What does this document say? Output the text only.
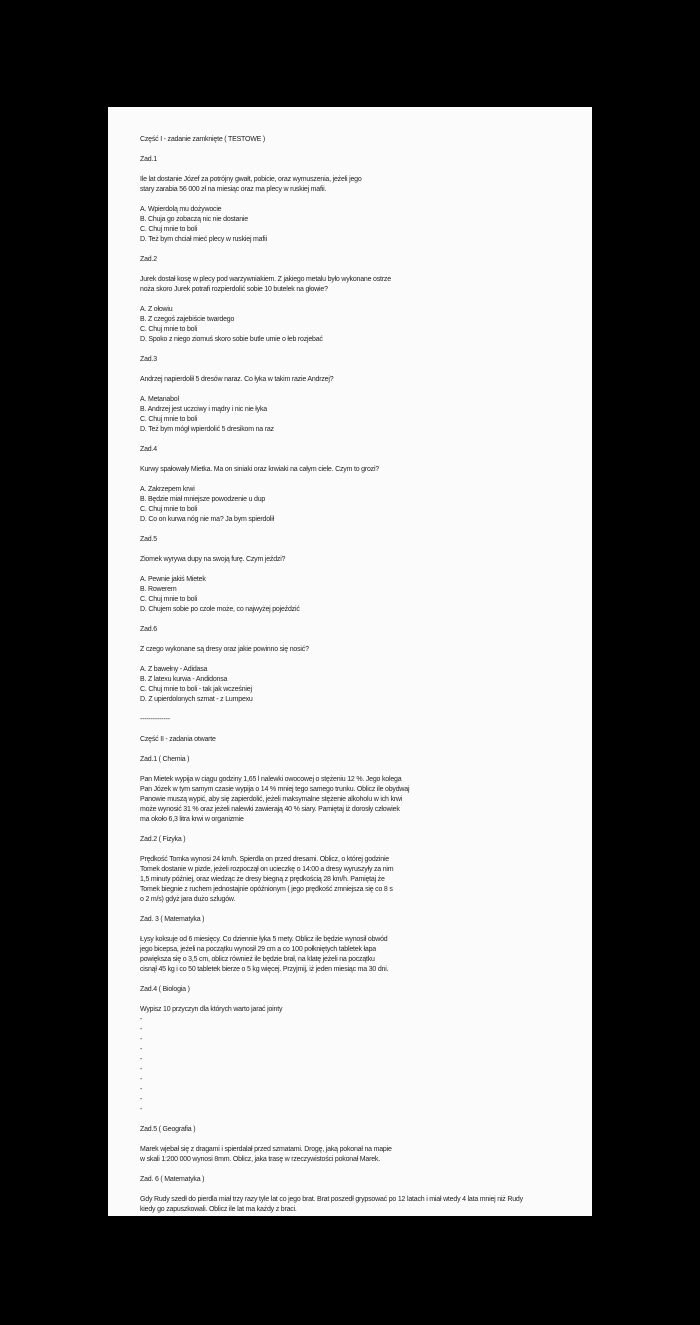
Część I - zadanie zamknięte ( TESTOWE )
Zad.1
Ile lat dostanie Józef za potrójny gwałt, pobicie, oraz wymuszenia, jeżeli jego
stary zarabia 56 000 zł na miesiąc oraz ma plecy w ruskiej mafii.
A. Wpierdolą mu dożywocie
B. Chuja go zobaczą nic nie dostanie
C. Chuj mnie to boli
D. Też bym chciał mieć plecy w ruskiej mafii
Zad.2
Jurek dostał kosę w plecy pod warzywniakiem. Z jakiego metalu było wykonane ostrze
noża skoro Jurek potrafi rozpierdolić sobie 10 butelek na głowie?
A. Z ołowiu
B. Z czegoś zajebiście twardego
C. Chuj mnie to boli
D. Spoko z niego ziomuś skoro sobie butle umie o łeb rozjebać
Zad.3
Andrzej napierdolił 5 dresów naraz. Co łyka w takim razie Andrzej?
A. Metanabol
B. Andrzej jest uczciwy i mądry i nic nie łyka
C. Chuj mnie to boli
D. Też bym mógł wpierdolić 5 dresikom na raz
Zad.4
Kurwy spałowały Mietka. Ma on siniaki oraz krwiaki na całym ciele. Czym to grozi?
A. Zakrzepem krwi
B. Będzie miał mniejsze powodzenie u dup
C. Chuj mnie to boli
D. Co on kurwa nóg nie ma? Ja bym spierdolił
Zad.5
Ziomek wyrywa dupy na swoją furę. Czym jeździ?
A. Pewnie jakiś Mietek
B. Rowerem
C. Chuj mnie to boli
D. Chujem sobie po czole może, co najwyżej pojeździć
Zad.6
Z czego wykonane są dresy oraz jakie powinno się nosić?
A. Z bawełny - Adidasa
B. Z latexu kurwa - Andidonsa
C. Chuj mnie to boli - tak jak wcześniej
D. Z upierdolonych szmat - z Lumpexu
--------------
Część II - zadania otwarte
Zad.1 ( Chemia )
Pan Mietek wypija w ciągu godziny 1,65 l nalewki owocowej o stężeniu 12 %. Jego kolega
Pan Józek w tym samym czasie wypija o 14 % mniej tego samego trunku. Oblicz ile obydwaj
Panowie muszą wypić, aby się zapierdolić, jeżeli maksymalne stężenie alkoholu w ich krwi
może wynosić 31 % oraz jeżeli nalewki zawierają 40 % siary. Pamiętaj iż dorosły człowiek
ma około 6,3 litra krwi w organizmie
Zad.2 ( Fizyka )
Prędkość Tomka wynosi 24 km/h. Spierdla on przed dresami. Oblicz, o której godzinie
Tomek dostanie w pizde, jeżeli rozpoczął on ucieczkę o 14:00 a dresy wyruszyły za nim
1,5 minuty później, oraz wiedząc że dresy biegną z prędkością 28 km/h. Pamiętaj że
Tomek biegnie z ruchem jednostajnie opóźnionym ( jego prędkość zmniejsza się co 8 s
o 2 m/s) gdyż jara dużo szlugów.
Zad. 3 ( Matematyka )
Łysy koksuje od 6 miesięcy. Co dziennie łyka 5 mety. Oblicz ile będzie wynosił obwód
jego bicepsa, jeżeli na początku wynosił 29 cm a co 100 połkniętych tabletek łapa
powiększa się o 3,5 cm, oblicz również ile będzie brał, na klatę jeżeli na początku
cisnął 45 kg i co 50 tabletek bierze o 5 kg więcej. Przyjmij, iż jeden miesiąc ma 30 dni.
Zad.4 ( Biologia )
Wypisz 10 przyczyn dla których warto jarać jointy
-
-
-
-
-
-
-
-
-
-
Zad.5 ( Geografia )
Marek wjebał się z dragami i spierdalał przed szmatami. Drogę, jaką pokonał na mapie
w skali 1:200 000 wynosi 8mm. Oblicz, jaka trasę w rzeczywistości pokonał Marek.
Zad. 6 ( Matematyka )
Gdy Rudy szedł do pierdla miał trzy razy tyle lat co jego brat. Brat poszedł grypsować po 12 latach i miał wtedy 4 lata mniej niż Rudy
kiedy go zapuszkowali. Oblicz ile lat ma każdy z braci.
